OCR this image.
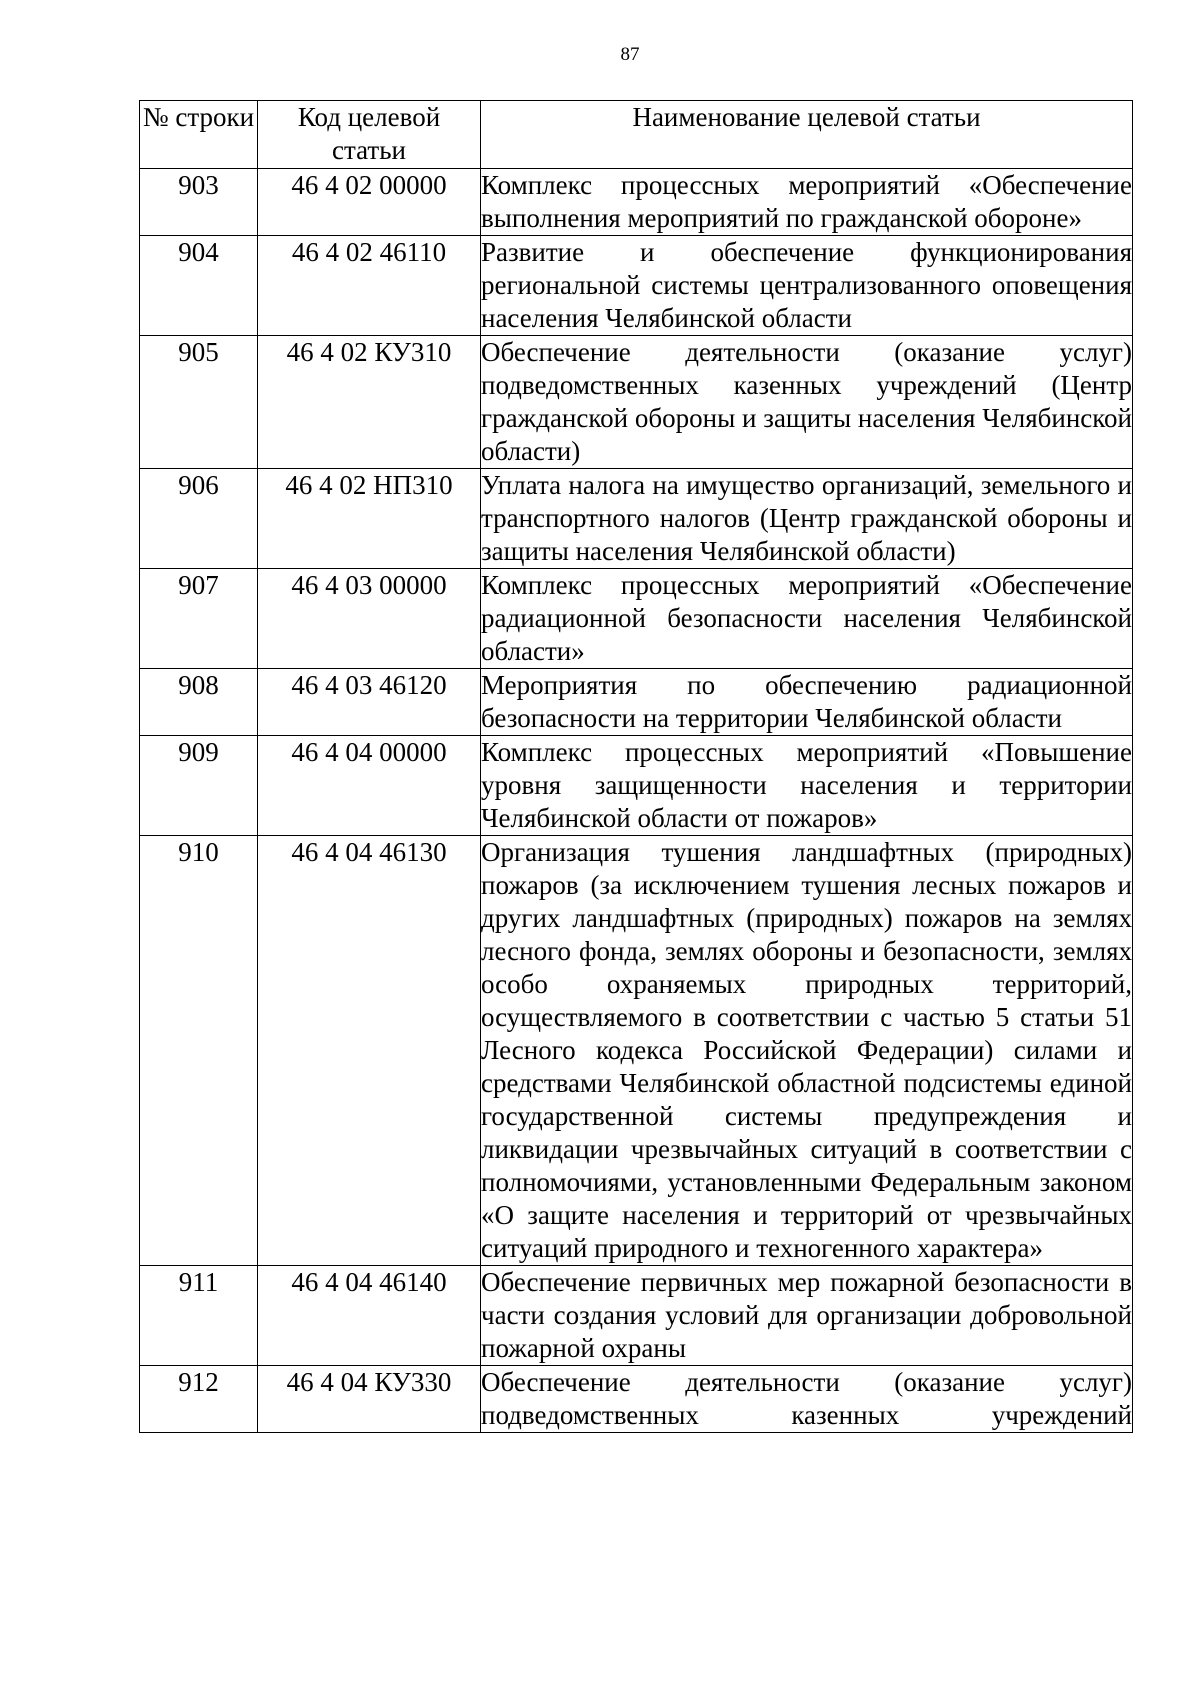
87
№ строки	Код целевой статьи	Наименование целевой статьи
903	46 4 02 00000	Комплекс процессных мероприятий «Обеспечение выполнения мероприятий по гражданской обороне»
904	46 4 02 46110	Развитие и обеспечение функционирования региональной системы централизованного оповещения населения Челябинской области
905	46 4 02 КУ310	Обеспечение деятельности (оказание услуг) подведомственных казенных учреждений (Центр гражданской обороны и защиты населения Челябинской области)
906	46 4 02 НП310	Уплата налога на имущество организаций, земельного и транспортного налогов (Центр гражданской обороны и защиты населения Челябинской области)
907	46 4 03 00000	Комплекс процессных мероприятий «Обеспечение радиационной безопасности населения Челябинской области»
908	46 4 03 46120	Мероприятия по обеспечению радиационной безопасности на территории Челябинской области
909	46 4 04 00000	Комплекс процессных мероприятий «Повышение уровня защищенности населения и территории Челябинской области от пожаров»
910	46 4 04 46130	Организация тушения ландшафтных (природных) пожаров (за исключением тушения лесных пожаров и других ландшафтных (природных) пожаров на землях лесного фонда, землях обороны и безопасности, землях особо охраняемых природных территорий, осуществляемого в соответствии с частью 5 статьи 51 Лесного кодекса Российской Федерации) силами и средствами Челябинской областной подсистемы единой государственной системы предупреждения и ликвидации чрезвычайных ситуаций в соответствии с полномочиями, установленными Федеральным законом «О защите населения и территорий от чрезвычайных ситуаций природного и техногенного характера»
911	46 4 04 46140	Обеспечение первичных мер пожарной безопасности в части создания условий для организации добровольной пожарной охраны
912	46 4 04 КУ330	Обеспечение деятельности (оказание услуг) подведомственных казенных учреждений
